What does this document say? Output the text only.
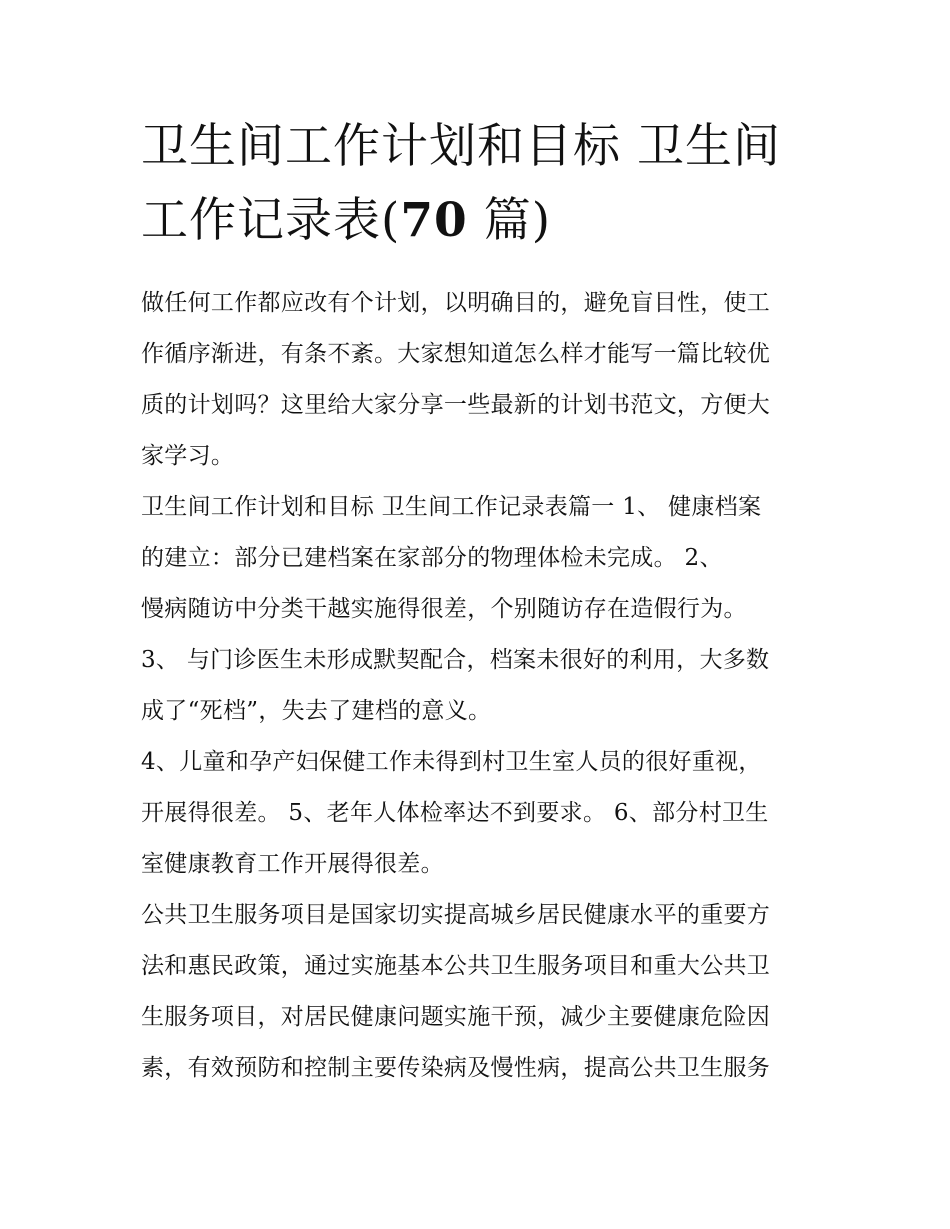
卫生间工作计划和目标 卫生间工作记录表(70 篇)

做任何工作都应改有个计划，以明确目的，避免盲目性，使工
作循序渐进，有条不紊。大家想知道怎么样才能写一篇比较优
质的计划吗？这里给大家分享一些最新的计划书范文，方便大
家学习。

卫生间工作计划和目标 卫生间工作记录表篇一 1、 健康档案
的建立：部分已建档案在家部分的物理体检未完成。 2、
慢病随访中分类干越实施得很差，个别随访存在造假行为。
3、 与门诊医生未形成默契配合，档案未很好的利用，大多数
成了“死档”，失去了建档的意义。

4、儿童和孕产妇保健工作未得到村卫生室人员的很好重视，
开展得很差。 5、老年人体检率达不到要求。 6、部分村卫生
室健康教育工作开展得很差。

公共卫生服务项目是国家切实提高城乡居民健康水平的重要方
法和惠民政策，通过实施基本公共卫生服务项目和重大公共卫
生服务项目，对居民健康问题实施干预，减少主要健康危险因
素，有效预防和控制主要传染病及慢性病，提高公共卫生服务
